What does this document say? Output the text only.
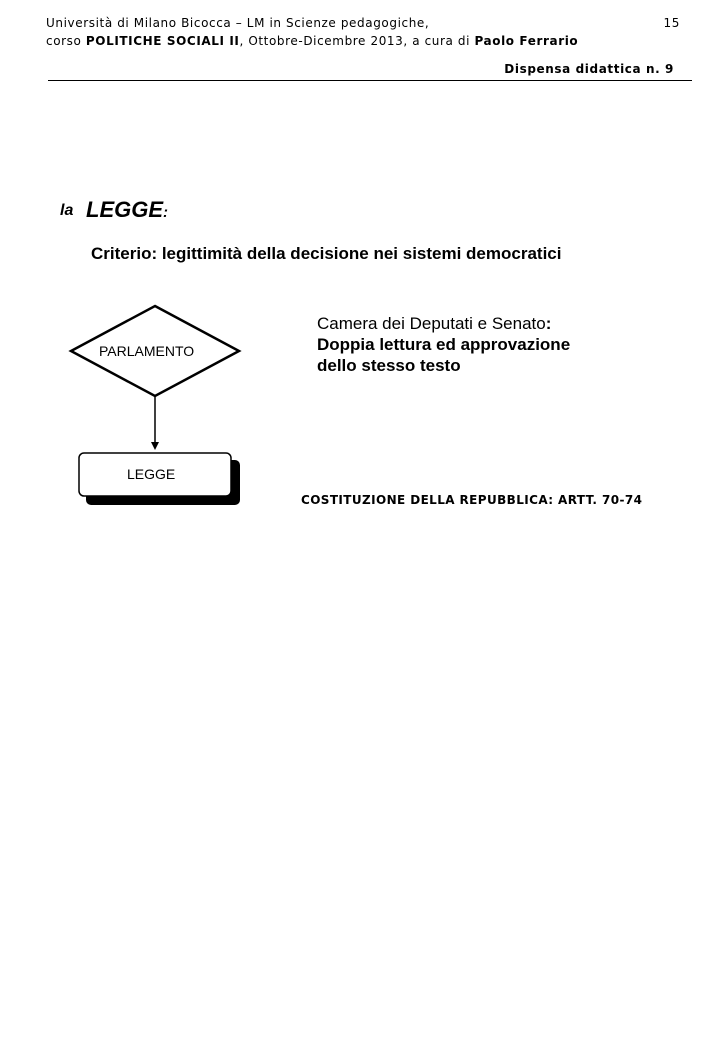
Università di Milano Bicocca – LM in Scienze pedagogiche,
corso POLITICHE SOCIALI II, Ottobre-Dicembre 2013, a cura di Paolo Ferrario
15
Dispensa didattica n. 9
la LEGGE:
Criterio: legittimità della decisione nei sistemi democratici
Camera dei Deputati e Senato:
Doppia lettura ed approvazione
dello stesso testo
COSTITUZIONE DELLA REPUBBLICA: ARTT. 70-74
PARLAMENTO
LEGGE
